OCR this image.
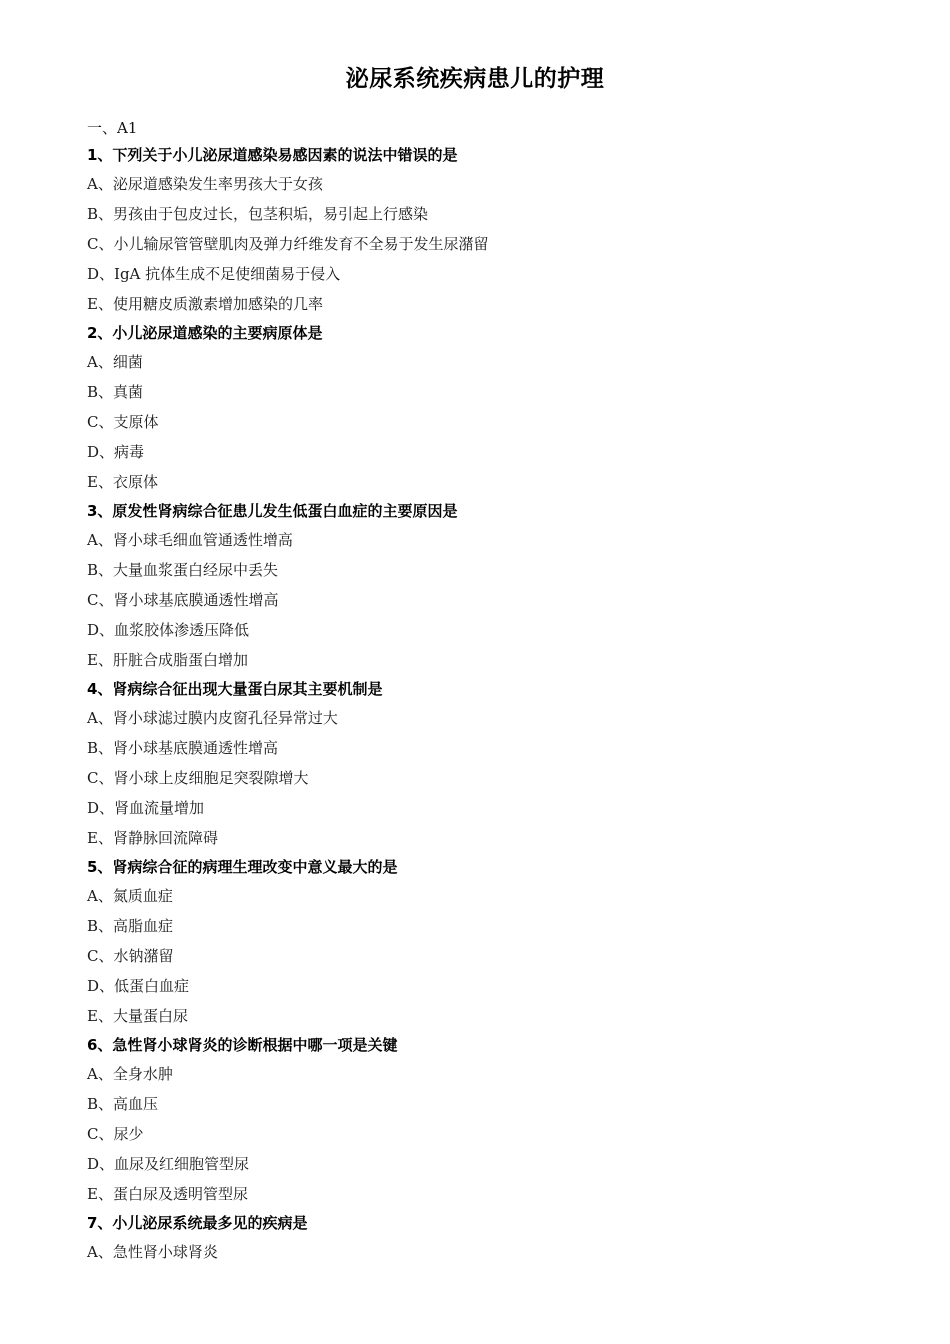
泌尿系统疾病患儿的护理
一、A1
1、下列关于小儿泌尿道感染易感因素的说法中错误的是
A、泌尿道感染发生率男孩大于女孩
B、男孩由于包皮过长，包茎积垢，易引起上行感染
C、小儿输尿管管壁肌肉及弹力纤维发育不全易于发生尿潴留
D、IgA 抗体生成不足使细菌易于侵入
E、使用糖皮质激素增加感染的几率
2、小儿泌尿道感染的主要病原体是
A、细菌
B、真菌
C、支原体
D、病毒
E、衣原体
3、原发性肾病综合征患儿发生低蛋白血症的主要原因是
A、肾小球毛细血管通透性增高
B、大量血浆蛋白经尿中丢失
C、肾小球基底膜通透性增高
D、血浆胶体渗透压降低
E、肝脏合成脂蛋白增加
4、肾病综合征出现大量蛋白尿其主要机制是
A、肾小球滤过膜内皮窗孔径异常过大
B、肾小球基底膜通透性增高
C、肾小球上皮细胞足突裂隙增大
D、肾血流量增加
E、肾静脉回流障碍
5、肾病综合征的病理生理改变中意义最大的是
A、氮质血症
B、高脂血症
C、水钠潴留
D、低蛋白血症
E、大量蛋白尿
6、急性肾小球肾炎的诊断根据中哪一项是关键
A、全身水肿
B、高血压
C、尿少
D、血尿及红细胞管型尿
E、蛋白尿及透明管型尿
7、小儿泌尿系统最多见的疾病是
A、急性肾小球肾炎
